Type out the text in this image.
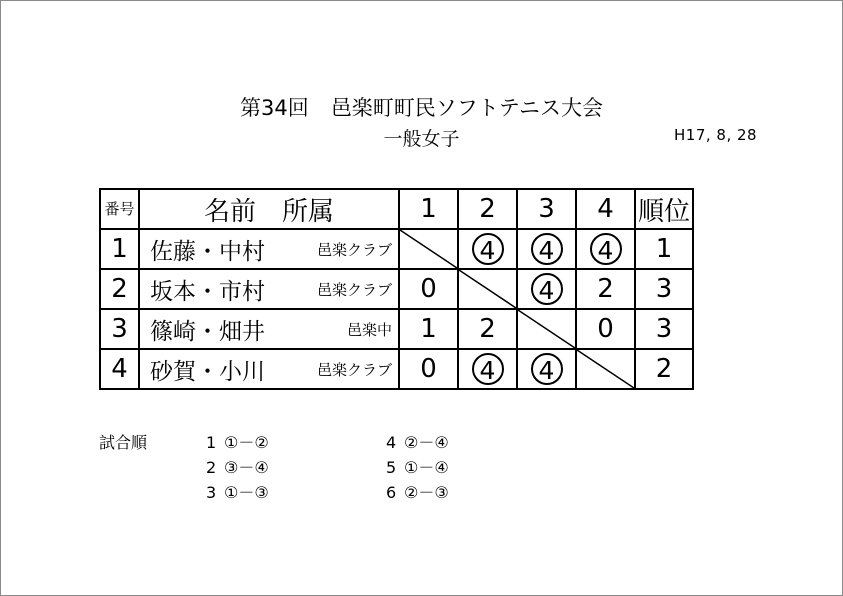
第34回 邑楽町町民ソフトテニス大会
一般女子	H17, 8, 28
番号	名前　所属	1	2	3	4	順位
1	佐藤・中村 邑楽クラブ		4	4	4	1
2	坂本・市村 邑楽クラブ	0		4	2	3
3	篠崎・畑井 邑楽中	1	2		0	3
4	砂賀・小川 邑楽クラブ	0	4	4		2
試合順	1 ①－②
2 ③－④
3 ①－③
4 ②－④
5 ①－④
6 ②－③
